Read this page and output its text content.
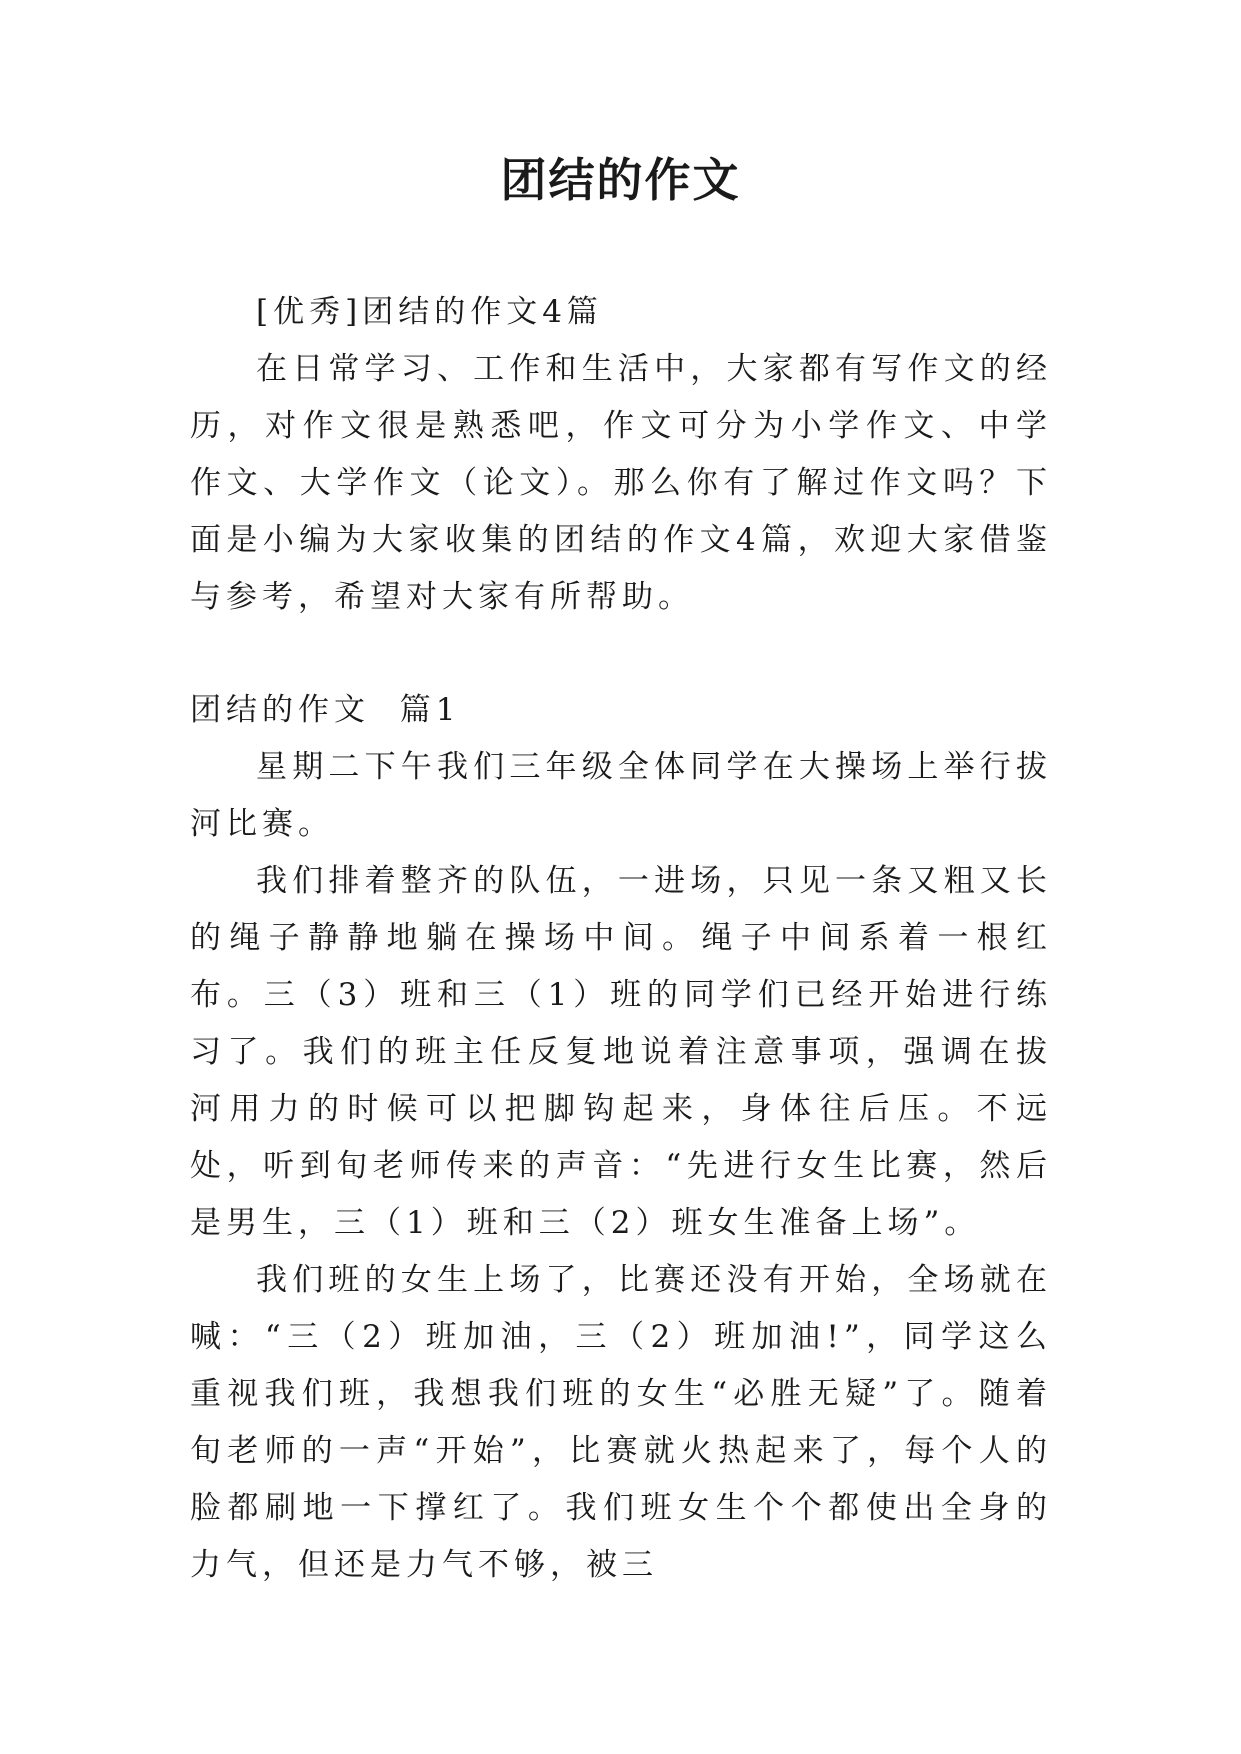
团结的作文

[优秀]团结的作文4篇

在日常学习、工作和生活中，大家都有写作文的经历，对作文很是熟悉吧，作文可分为小学作文、中学作文、大学作文（论文）。那么你有了解过作文吗？下面是小编为大家收集的团结的作文4篇，欢迎大家借鉴与参考，希望对大家有所帮助。

团结的作文  篇1

星期二下午我们三年级全体同学在大操场上举行拔河比赛。

我们排着整齐的队伍，一进场，只见一条又粗又长的绳子静静地躺在操场中间。绳子中间系着一根红布。三（3）班和三（1）班的同学们已经开始进行练习了。我们的班主任反复地说着注意事项，强调在拔河用力的时候可以把脚钩起来，身体往后压。不远处，听到旬老师传来的声音：“先进行女生比赛，然后是男生，三（1）班和三（2）班女生准备上场”。

我们班的女生上场了，比赛还没有开始，全场就在喊：“三（2）班加油，三（2）班加油!”，同学这么重视我们班，我想我们班的女生“必胜无疑”了。随着旬老师的一声“开始”，比赛就火热起来了，每个人的脸都刷地一下撑红了。我们班女生个个都使出全身的力气，但还是力气不够，被三
